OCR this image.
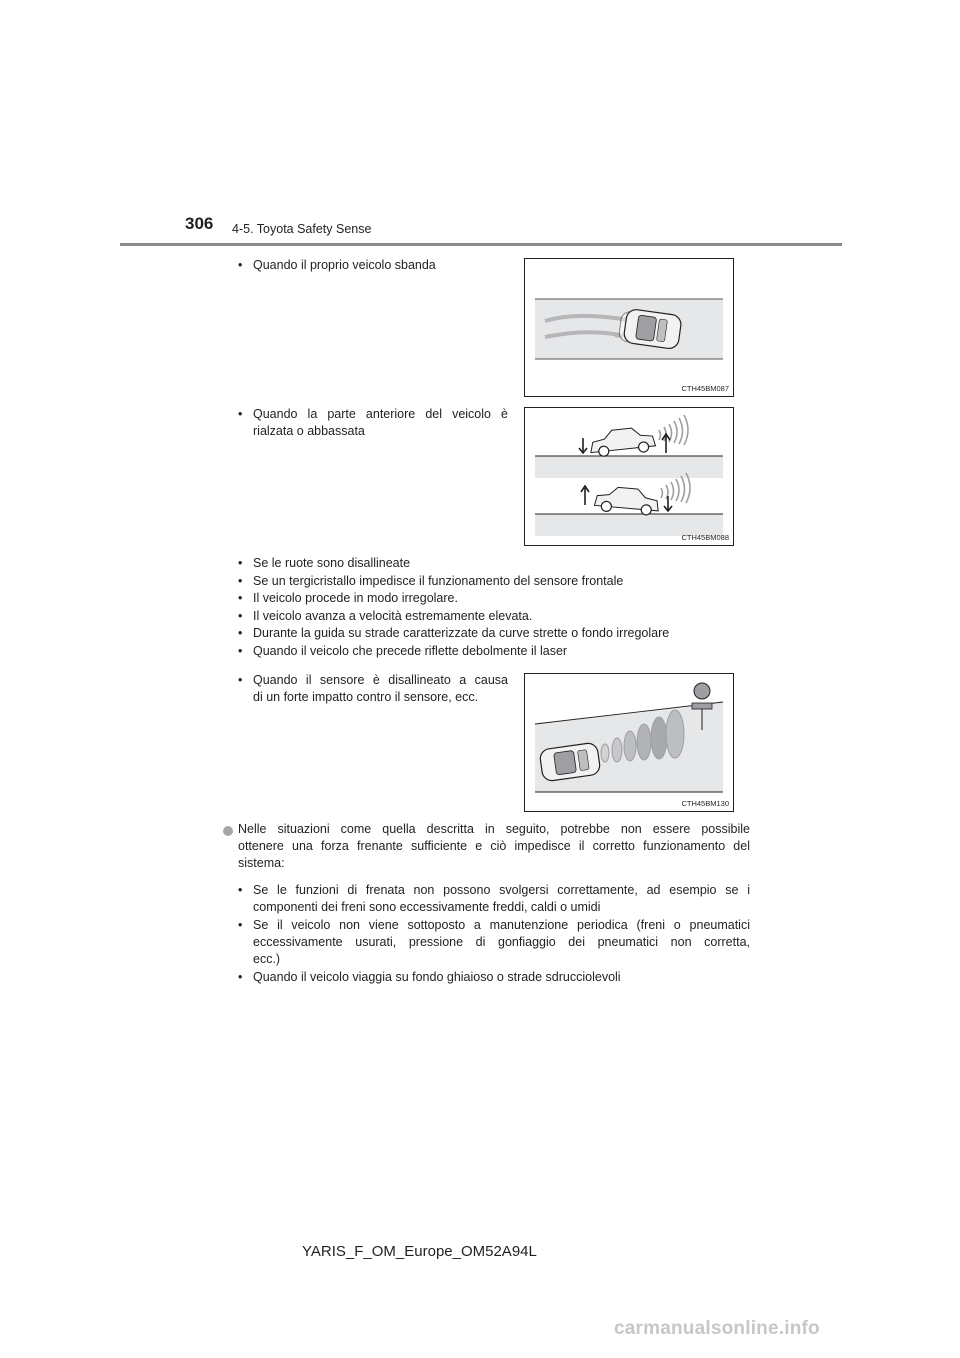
306 4-5. Toyota Safety Sense
• Quando il proprio veicolo sbanda
CTH45BM087
• Quando la parte anteriore del veicolo è
rialzata o abbassata
CTH45BM088
• Se le ruote sono disallineate
• Se un tergicristallo impedisce il funzionamento del sensore frontale
• Il veicolo procede in modo irregolare.
• Il veicolo avanza a velocità estremamente elevata.
• Durante la guida su strade caratterizzate da curve strette o fondo irregolare
• Quando il veicolo che precede riflette debolmente il laser
• Quando il sensore è disallineato a causa
di un forte impatto contro il sensore, ecc.
CTH45BM130
Nelle situazioni come quella descritta in seguito, potrebbe non essere possibile
ottenere una forza frenante sufficiente e ciò impedisce il corretto funzionamento del
sistema:
• Se le funzioni di frenata non possono svolgersi correttamente, ad esempio se i
componenti dei freni sono eccessivamente freddi, caldi o umidi
• Se il veicolo non viene sottoposto a manutenzione periodica (freni o pneumatici
eccessivamente usurati, pressione di gonfiaggio dei pneumatici non corretta,
ecc.)
• Quando il veicolo viaggia su fondo ghiaioso o strade sdrucciolevoli
YARIS_F_OM_Europe_OM52A94L
carmanualsonline.info
